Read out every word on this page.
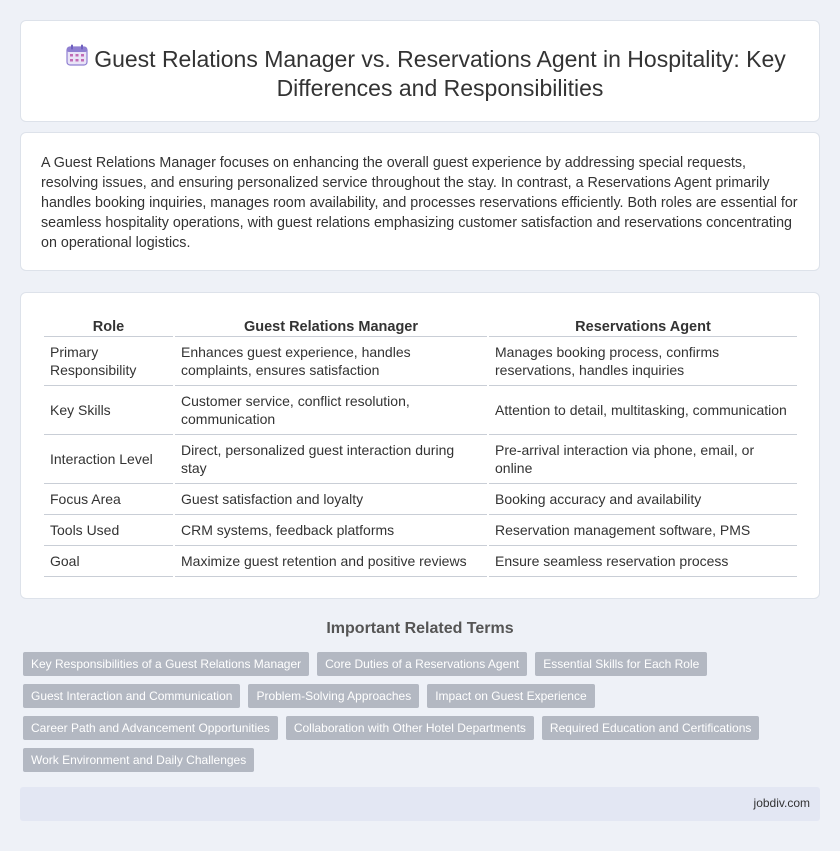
Guest Relations Manager vs. Reservations Agent in Hospitality: Key Differences and Responsibilities

A Guest Relations Manager focuses on enhancing the overall guest experience by addressing special requests, resolving issues, and ensuring personalized service throughout the stay. In contrast, a Reservations Agent primarily handles booking inquiries, manages room availability, and processes reservations efficiently. Both roles are essential for seamless hospitality operations, with guest relations emphasizing customer satisfaction and reservations concentrating on operational logistics.

Role	Guest Relations Manager	Reservations Agent
Primary Responsibility	Enhances guest experience, handles complaints, ensures satisfaction	Manages booking process, confirms reservations, handles inquiries
Key Skills	Customer service, conflict resolution, communication	Attention to detail, multitasking, communication
Interaction Level	Direct, personalized guest interaction during stay	Pre-arrival interaction via phone, email, or online
Focus Area	Guest satisfaction and loyalty	Booking accuracy and availability
Tools Used	CRM systems, feedback platforms	Reservation management software, PMS
Goal	Maximize guest retention and positive reviews	Ensure seamless reservation process
Important Related Terms
Key Responsibilities of a Guest Relations Manager	Core Duties of a Reservations Agent	Essential Skills for Each Role
Guest Interaction and Communication	Problem-Solving Approaches	Impact on Guest Experience
Career Path and Advancement Opportunities	Collaboration with Other Hotel Departments	Required Education and Certifications
Work Environment and Daily Challenges
jobdiv.com
